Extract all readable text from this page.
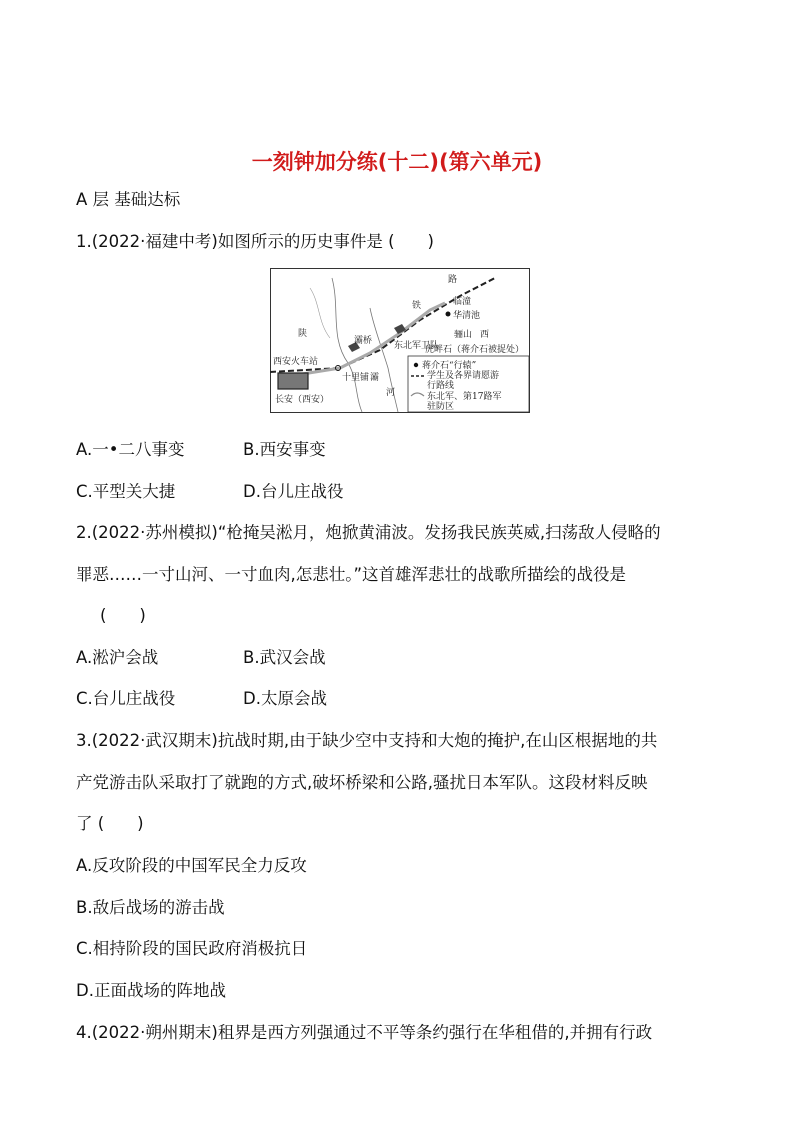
一刻钟加分练(十二)(第六单元)
A 层 基础达标
1.(2022·福建中考)如图所示的历史事件是 (　　)
陕
西安火车站
长安（西安）
十里铺 灞
河
灞桥
铁
路
临潼
华清池
骊山 西
东北军卫队
虎畔石（蒋介石被捉处）
蒋介石“行辕”
学生及各界请愿游
行路线
东北军、第17路军
驻防区
A.一•二八事变	B.西安事变
C.平型关大捷	D.台儿庄战役
2.(2022·苏州模拟)“枪掩吴淞月，炮掀黄浦波。发扬我民族英威,扫荡敌人侵略的
罪恶……一寸山河、一寸血肉,怎悲壮。”这首雄浑悲壮的战歌所描绘的战役是
(　　)
A.淞沪会战	B.武汉会战
C.台儿庄战役	D.太原会战
3.(2022·武汉期末)抗战时期,由于缺少空中支持和大炮的掩护,在山区根据地的共
产党游击队采取打了就跑的方式,破坏桥梁和公路,骚扰日本军队。这段材料反映
了 (　　)
A.反攻阶段的中国军民全力反攻
B.敌后战场的游击战
C.相持阶段的国民政府消极抗日
D.正面战场的阵地战
4.(2022·朔州期末)租界是西方列强通过不平等条约强行在华租借的,并拥有行政
